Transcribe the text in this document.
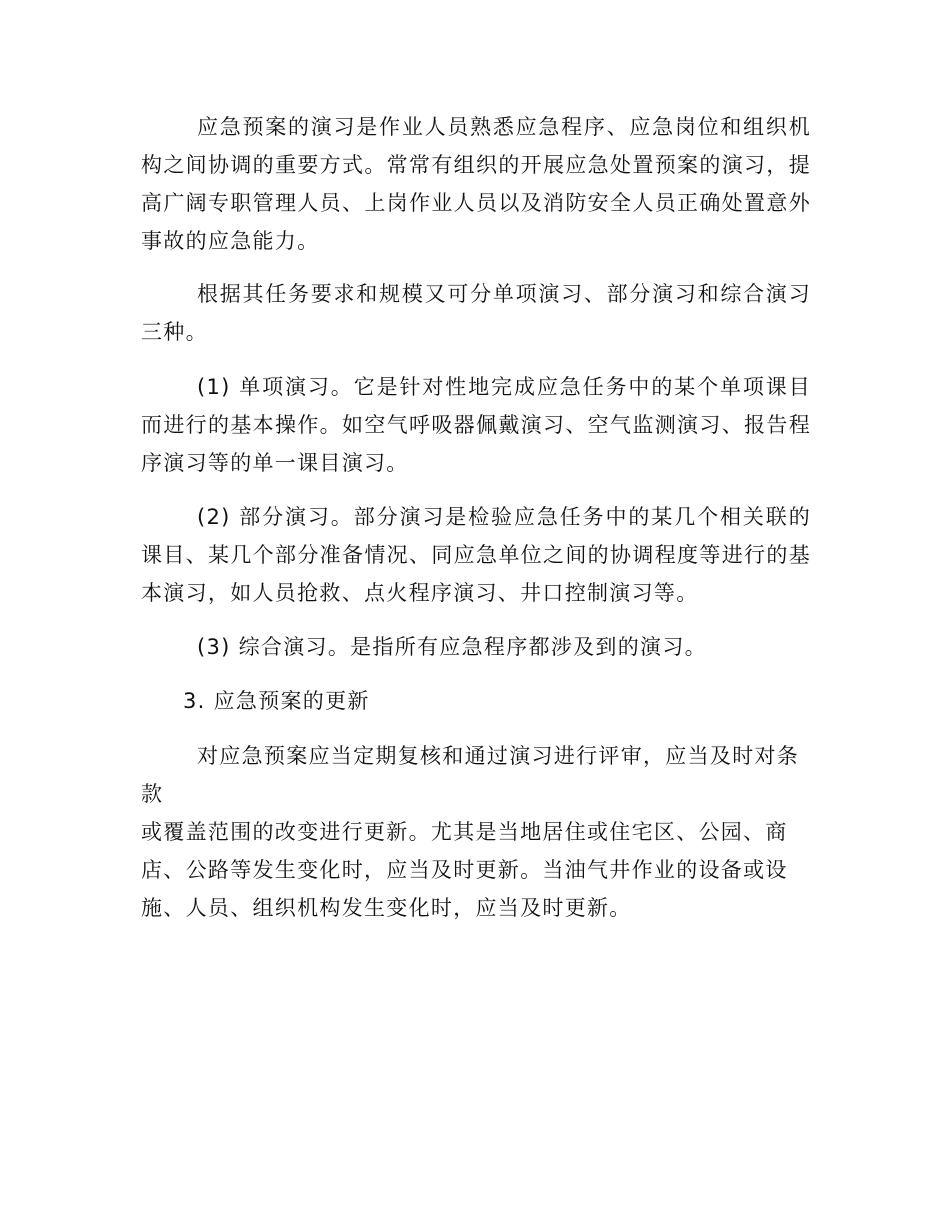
应急预案的演习是作业人员熟悉应急程序、应急岗位和组织机构之间协调的重要方式。常常有组织的开展应急处置预案的演习，提高广阔专职管理人员、上岗作业人员以及消防安全人员正确处置意外事故的应急能力。

根据其任务要求和规模又可分单项演习、部分演习和综合演习三种。

(1) 单项演习。它是针对性地完成应急任务中的某个单项课目而进行的基本操作。如空气呼吸器佩戴演习、空气监测演习、报告程序演习等的单一课目演习。

(2) 部分演习。部分演习是检验应急任务中的某几个相关联的课目、某几个部分准备情况、同应急单位之间的协调程度等进行的基本演习，如人员抢救、点火程序演习、井口控制演习等。

(3) 综合演习。是指所有应急程序都涉及到的演习。

3. 应急预案的更新

对应急预案应当定期复核和通过演习进行评审，应当及时对条款
或覆盖范围的改变进行更新。尤其是当地居住或住宅区、公园、商
店、公路等发生变化时，应当及时更新。当油气井作业的设备或设
施、人员、组织机构发生变化时，应当及时更新。
